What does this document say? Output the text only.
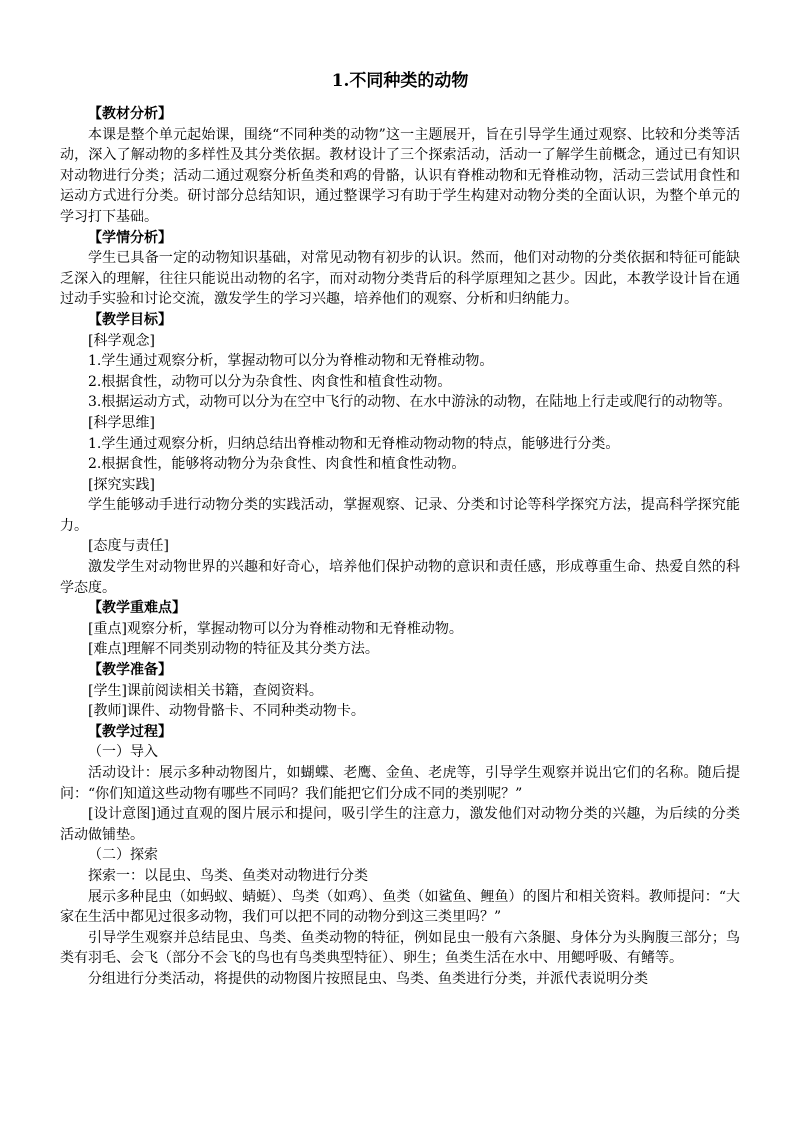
1.不同种类的动物
【教材分析】

本课是整个单元起始课，围绕“不同种类的动物”这一主题展开，旨在引导学生通过观察、比较和分类等活动，深入了解动物的多样性及其分类依据。教材设计了三个探索活动，活动一了解学生前概念，通过已有知识对动物进行分类；活动二通过观察分析鱼类和鸡的骨骼，认识有脊椎动物和无脊椎动物，活动三尝试用食性和运动方式进行分类。研讨部分总结知识，通过整课学习有助于学生构建对动物分类的全面认识，为整个单元的学习打下基础。

【学情分析】

学生已具备一定的动物知识基础，对常见动物有初步的认识。然而，他们对动物的分类依据和特征可能缺乏深入的理解，往往只能说出动物的名字，而对动物分类背后的科学原理知之甚少。因此，本教学设计旨在通过动手实验和讨论交流，激发学生的学习兴趣，培养他们的观察、分析和归纳能力。

【教学目标】
[科学观念]
1.学生通过观察分析，掌握动物可以分为脊椎动物和无脊椎动物。
2.根据食性，动物可以分为杂食性、肉食性和植食性动物。

3.根据运动方式，动物可以分为在空中飞行的动物、在水中游泳的动物，在陆地上行走或爬行的动物等。

[科学思维]
1.学生通过观察分析，归纳总结出脊椎动物和无脊椎动物动物的特点，能够进行分类。
2.根据食性，能够将动物分为杂食性、肉食性和植食性动物。
[探究实践]

学生能够动手进行动物分类的实践活动，掌握观察、记录、分类和讨论等科学探究方法，提高科学探究能力。

[态度与责任]

激发学生对动物世界的兴趣和好奇心，培养他们保护动物的意识和责任感，形成尊重生命、热爱自然的科学态度。

【教学重难点】
[重点]观察分析，掌握动物可以分为脊椎动物和无脊椎动物。
[难点]理解不同类别动物的特征及其分类方法。
【教学准备】
[学生]课前阅读相关书籍，查阅资料。
[教师]课件、动物骨骼卡、不同种类动物卡。
【教学过程】
（一）导入

活动设计：展示多种动物图片，如蝴蝶、老鹰、金鱼、老虎等，引导学生观察并说出它们的名称。随后提问：“你们知道这些动物有哪些不同吗？我们能把它们分成不同的类别呢？”

[设计意图]通过直观的图片展示和提问，吸引学生的注意力，激发他们对动物分类的兴趣，为后续的分类活动做铺垫。

（二）探索
探索一：以昆虫、鸟类、鱼类对动物进行分类

展示多种昆虫（如蚂蚁、蜻蜓）、鸟类（如鸡）、鱼类（如鲨鱼、鲤鱼）的图片和相关资料。教师提问：“大家在生活中都见过很多动物，我们可以把不同的动物分到这三类里吗？”

引导学生观察并总结昆虫、鸟类、鱼类动物的特征，例如昆虫一般有六条腿、身体分为头胸腹三部分；鸟类有羽毛、会飞（部分不会飞的鸟也有鸟类典型特征）、卵生；鱼类生活在水中、用鳃呼吸、有鳍等。

分组进行分类活动，将提供的动物图片按照昆虫、鸟类、鱼类进行分类，并派代表说明分类
